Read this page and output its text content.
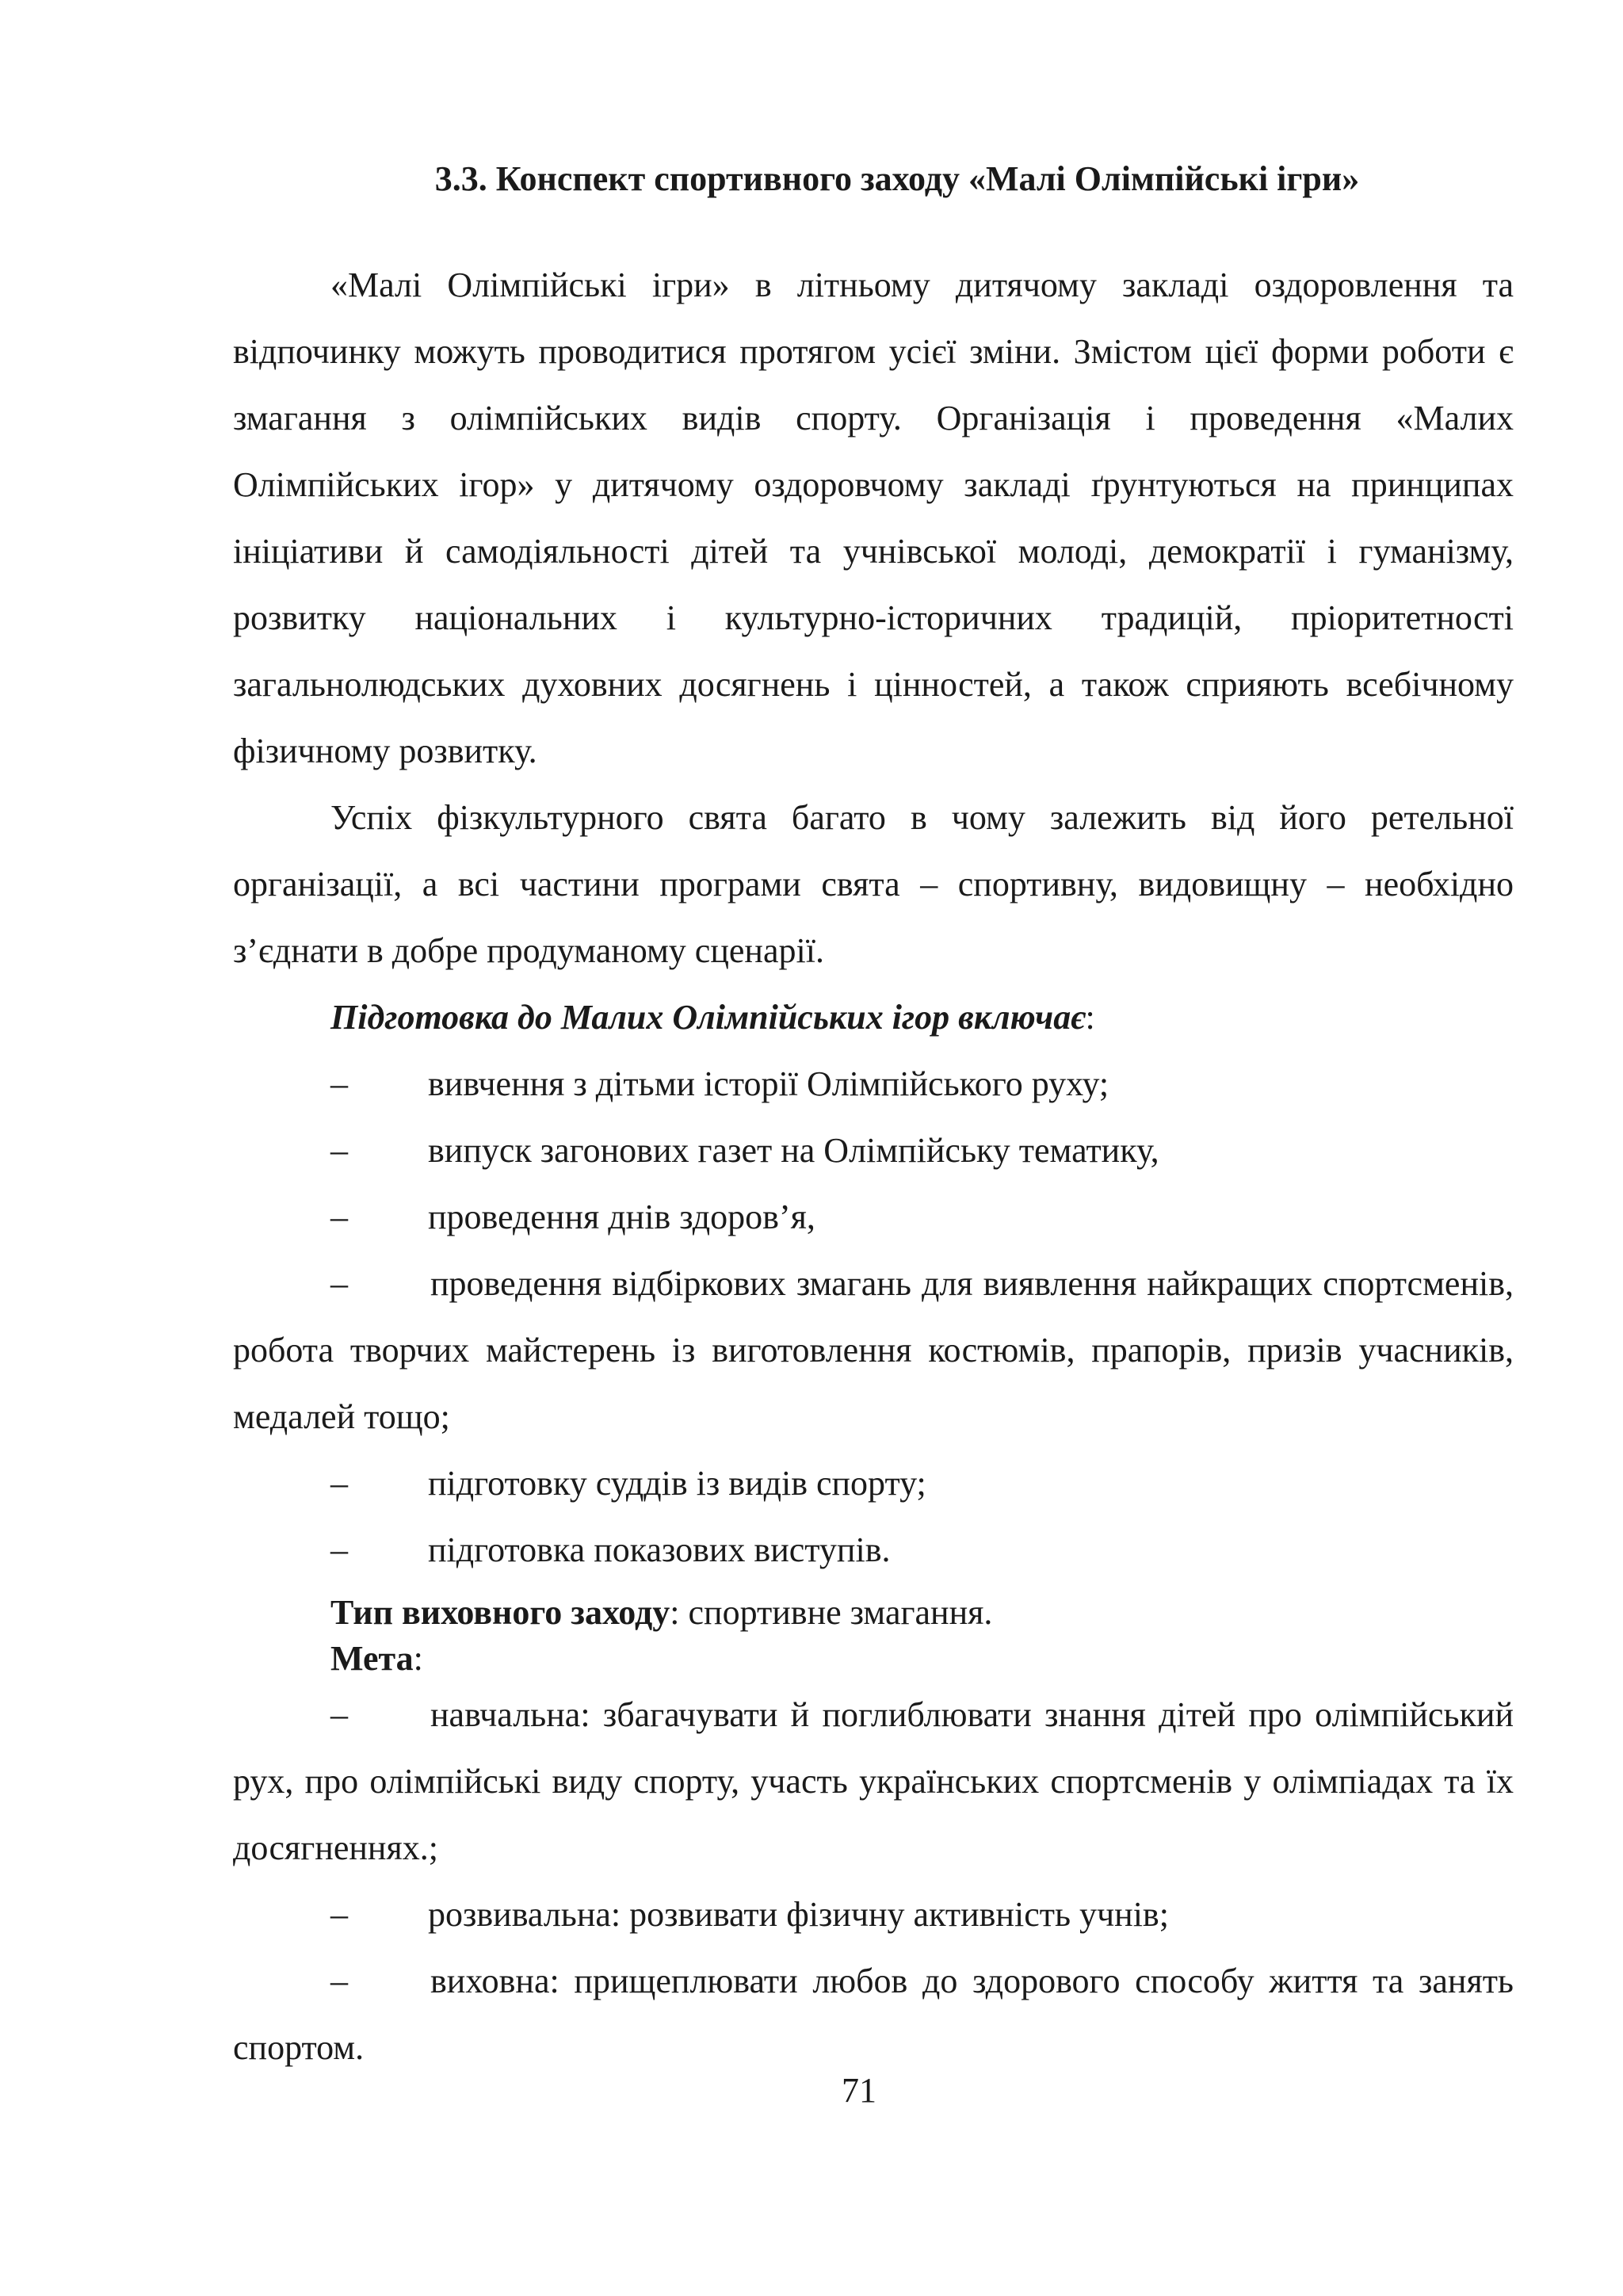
3.3. Конспект спортивного заходу «Малі Олімпійські ігри»

«Малі Олімпійські ігри» в літньому дитячому закладі оздоровлення та відпочинку можуть проводитися протягом усієї зміни. Змістом цієї форми роботи є змагання з олімпійських видів спорту. Організація і проведення «Малих Олімпійських ігор» у дитячому оздоровчому закладі ґрунтуються на принципах ініціативи й самодіяльності дітей та учнівської молоді, демократії і гуманізму, розвитку національних і культурно-історичних традицій, пріоритетності загальнолюдських духовних досягнень і цінностей, а також сприяють всебічному фізичному розвитку.

Успіх фізкультурного свята багато в чому залежить від його ретельної організації, а всі частини програми свята – спортивну, видовищну – необхідно з’єднати в добре продуманому сценарії.

Підготовка до Малих Олімпійських ігор включає:

–	вивчення з дітьми історії Олімпійського руху;
–	випуск загонових газет на Олімпійську тематику,
–	проведення днів здоров’я,

– проведення відбіркових змагань для виявлення найкращих спортсменів, робота творчих майстерень із виготовлення костюмів, прапорів, призів учасників, медалей тощо;

–	підготовку суддів із видів спорту;
–	підготовка показових виступів.

Тип виховного заходу: спортивне змагання.

Мета:

– навчальна: збагачувати й поглиблювати знання дітей про олімпійський рух, про олімпійські виду спорту, участь українських спортсменів у олімпіадах та їх досягненнях.;

–	розвивальна: розвивати фізичну активність учнів;

– виховна: прищеплювати любов до здорового способу життя та занять спортом.

71
